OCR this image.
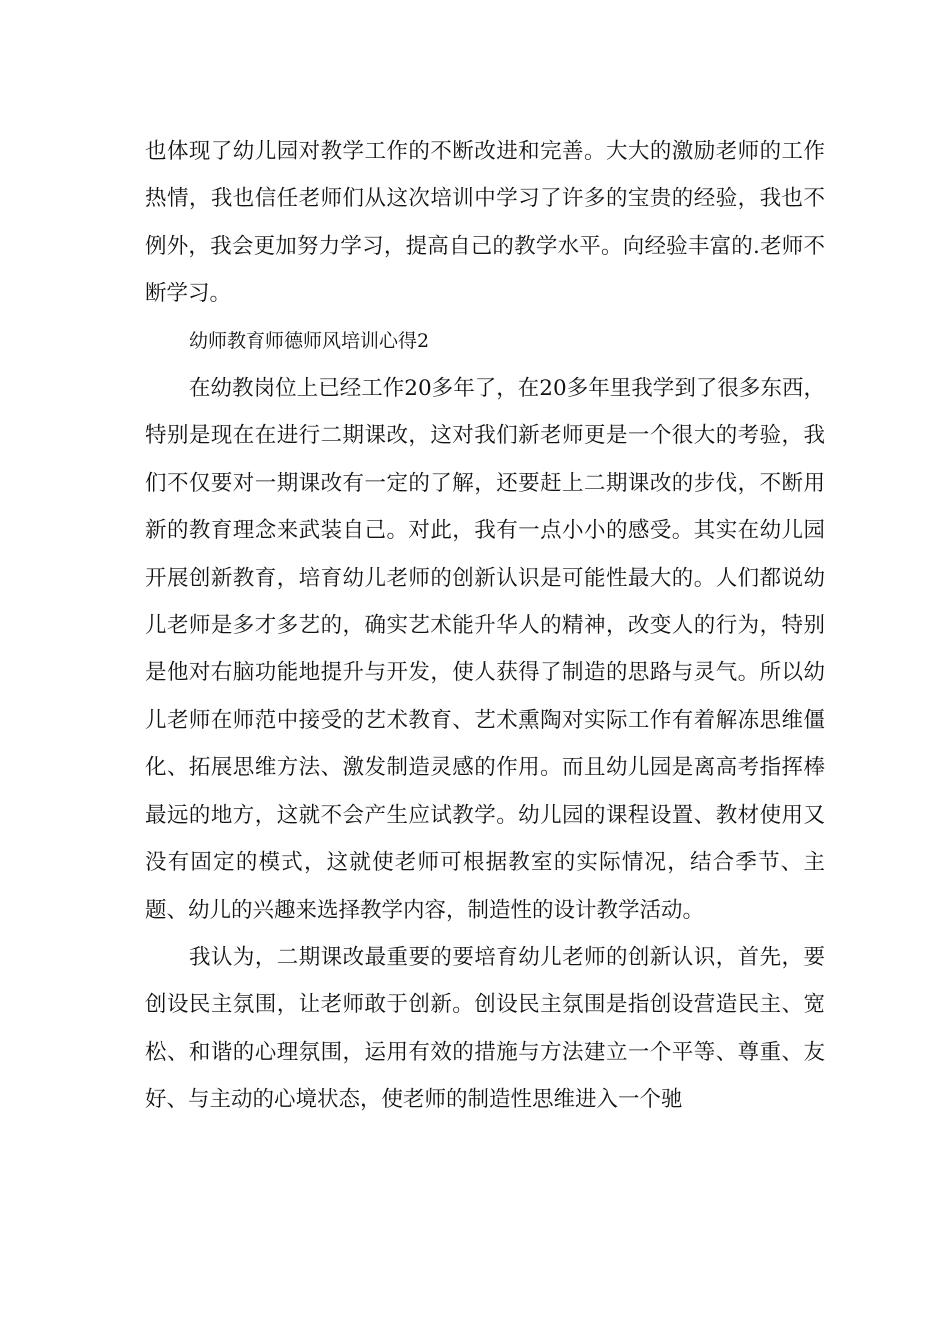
也体现了幼儿园对教学工作的不断改进和完善。大大的激励老师的工作热情，我也信任老师们从这次培训中学习了许多的宝贵的经验，我也不例外，我会更加努力学习，提高自己的教学水平。向经验丰富的.老师不断学习。

幼师教育师德师风培训心得2

在幼教岗位上已经工作20多年了，在20多年里我学到了很多东西，特别是现在在进行二期课改，这对我们新老师更是一个很大的考验，我们不仅要对一期课改有一定的了解，还要赶上二期课改的步伐，不断用新的教育理念来武装自己。对此，我有一点小小的感受。其实在幼儿园开展创新教育，培育幼儿老师的创新认识是可能性最大的。人们都说幼儿老师是多才多艺的，确实艺术能升华人的精神，改变人的行为，特别是他对右脑功能地提升与开发，使人获得了制造的思路与灵气。所以幼儿老师在师范中接受的艺术教育、艺术熏陶对实际工作有着解冻思维僵化、拓展思维方法、激发制造灵感的作用。而且幼儿园是离高考指挥棒最远的地方，这就不会产生应试教学。幼儿园的课程设置、教材使用又没有固定的模式，这就使老师可根据教室的实际情况，结合季节、主题、幼儿的兴趣来选择教学内容，制造性的设计教学活动。

我认为，二期课改最重要的要培育幼儿老师的创新认识，首先，要创设民主氛围，让老师敢于创新。创设民主氛围是指创设营造民主、宽松、和谐的心理氛围，运用有效的措施与方法建立一个平等、尊重、友好、与主动的心境状态，使老师的制造性思维进入一个驰
